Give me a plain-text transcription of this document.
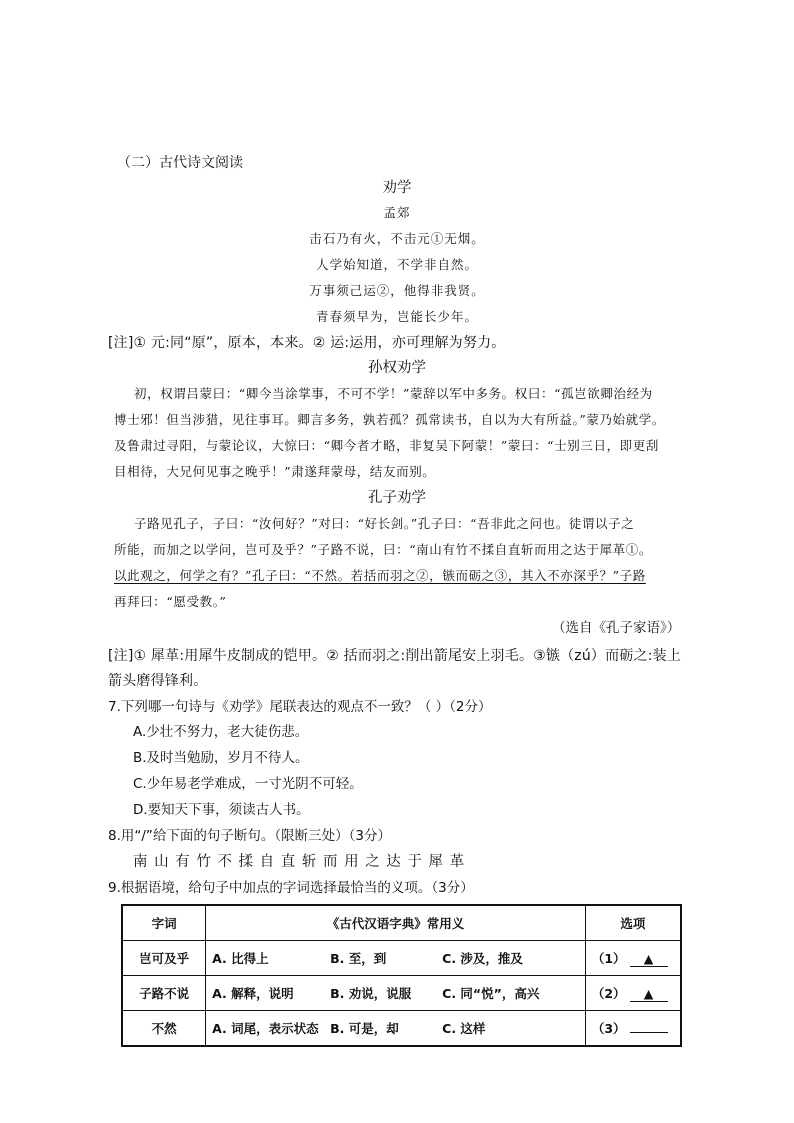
（二）古代诗文阅读
劝学
孟郊
击石乃有火，不击元①无烟。
人学始知道，不学非自然。
万事须己运②，他得非我贤。
青春须早为，岂能长少年。
[注]① 元:同“原”，原本，本来。② 运:运用，亦可理解为努力。
孙权劝学
初，权谓吕蒙曰：“卿今当涂掌事，不可不学！”蒙辞以军中多务。权曰：“孤岂欲卿治经为
博士邪！但当涉猎，见往事耳。卿言多务，孰若孤？孤常读书，自以为大有所益。”蒙乃始就学。
及鲁肃过寻阳，与蒙论议，大惊曰：“卿今者才略，非复吴下阿蒙！”蒙曰：“士别三日，即更刮
目相待，大兄何见事之晚乎！”肃遂拜蒙母，结友而别。
孔子劝学
子路见孔子，子曰：“汝何好？”对曰：“好长剑。”孔子曰：“吾非此之问也。徒谓以子之
所能，而加之以学问，岂可及乎？”子路不说，曰：“南山有竹不揉自直斩而用之达于犀革①。
以此观之，何学之有？”孔子曰：“不然。若括而羽之②，镞而砺之③，其入不亦深乎？”子路
再拜曰：“愿受教。”
（选自《孔子家语》）
[注]① 犀革:用犀牛皮制成的铠甲。② 括而羽之:削出箭尾安上羽毛。③镞（zú）而砺之:装上
箭头磨得锋利。
7.下列哪一句诗与《劝学》尾联表达的观点不一致？（ ）（2分）
A.少壮不努力，老大徒伤悲。
B.及时当勉励，岁月不待人。
C.少年易老学难成，一寸光阴不可轻。
D.要知天下事，须读古人书。
8.用“/”给下面的句子断句。（限断三处）（3分）
南 山 有 竹 不 揉 自 直 斩 而 用 之 达 于 犀 革
9.根据语境，给句子中加点的字词选择最恰当的义项。（3分）
字词	《古代汉语字典》常用义	选项
岂可及乎	A. 比得上 B. 至，到 C. 涉及，推及	（1） ▲
子路不说	A. 解释，说明 B. 劝说，说服 C. 同“悦”，高兴	（2） ▲
不然	A. 词尾，表示状态 B. 可是，却 C. 这样	（3）
